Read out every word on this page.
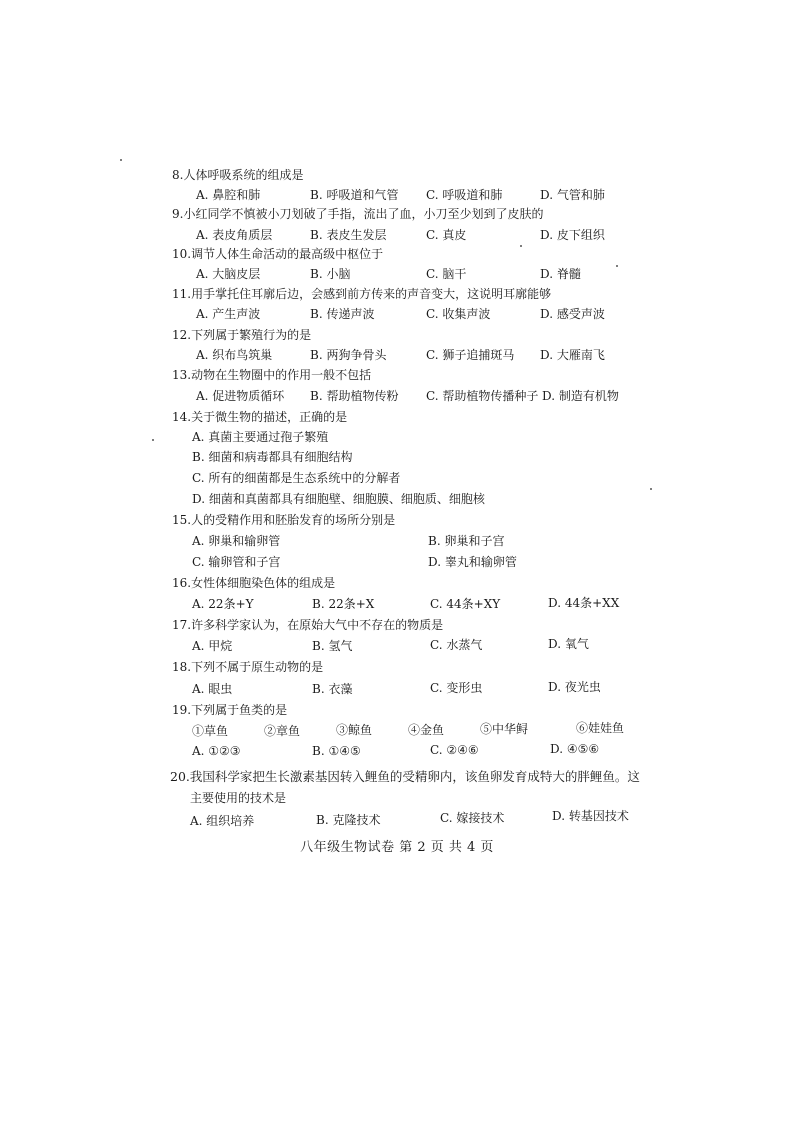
8.人体呼吸系统的组成是
A. 鼻腔和肺	B. 呼吸道和气管 C. 呼吸道和肺	D. 气管和肺
9.小红同学不慎被小刀划破了手指，流出了血，小刀至少划到了皮肤的
A. 表皮角质层	B. 表皮生发层	C. 真皮	D. 皮下组织
10.调节人体生命活动的最高级中枢位于
A. 大脑皮层	B. 小脑	C. 脑干	D. 脊髓
11.用手掌托住耳廓后边，会感到前方传来的声音变大，这说明耳廓能够
A. 产生声波	B. 传递声波	C. 收集声波	D. 感受声波
12.下列属于繁殖行为的是
A. 织布鸟筑巢	B. 两狗争骨头	C. 狮子追捕斑马 D. 大雁南飞
13.动物在生物圈中的作用一般不包括
A. 促进物质循环 B. 帮助植物传粉 C. 帮助植物传播种子 D. 制造有机物
14.关于微生物的描述，正确的是
A. 真菌主要通过孢子繁殖
B. 细菌和病毒都具有细胞结构
C. 所有的细菌都是生态系统中的分解者
D. 细菌和真菌都具有细胞壁、细胞膜、细胞质、细胞核
15.人的受精作用和胚胎发育的场所分别是
A. 卵巢和输卵管	B. 卵巢和子宫
C. 输卵管和子宫	D. 睾丸和输卵管
16.女性体细胞染色体的组成是
A. 22条+Y	B. 22条+X	C. 44条+XY	D. 44条+XX
17.许多科学家认为，在原始大气中不存在的物质是
A. 甲烷	B. 氢气	C. 水蒸气	D. 氧气
18.下列不属于原生动物的是
A. 眼虫	B. 衣藻	C. 变形虫	D. 夜光虫
19.下列属于鱼类的是
①草鱼	②章鱼	③鲸鱼	④金鱼	⑤中华鲟	⑥娃娃鱼
A. ①②③	B. ①④⑤	C. ②④⑥	D. ④⑤⑥
20.我国科学家把生长激素基因转入鲤鱼的受精卵内，该鱼卵发育成特大的胖鲤鱼。这
主要使用的技术是
A. 组织培养	B. 克隆技术	C. 嫁接技术	D. 转基因技术
八年级生物试卷 第 2 页 共 4 页
